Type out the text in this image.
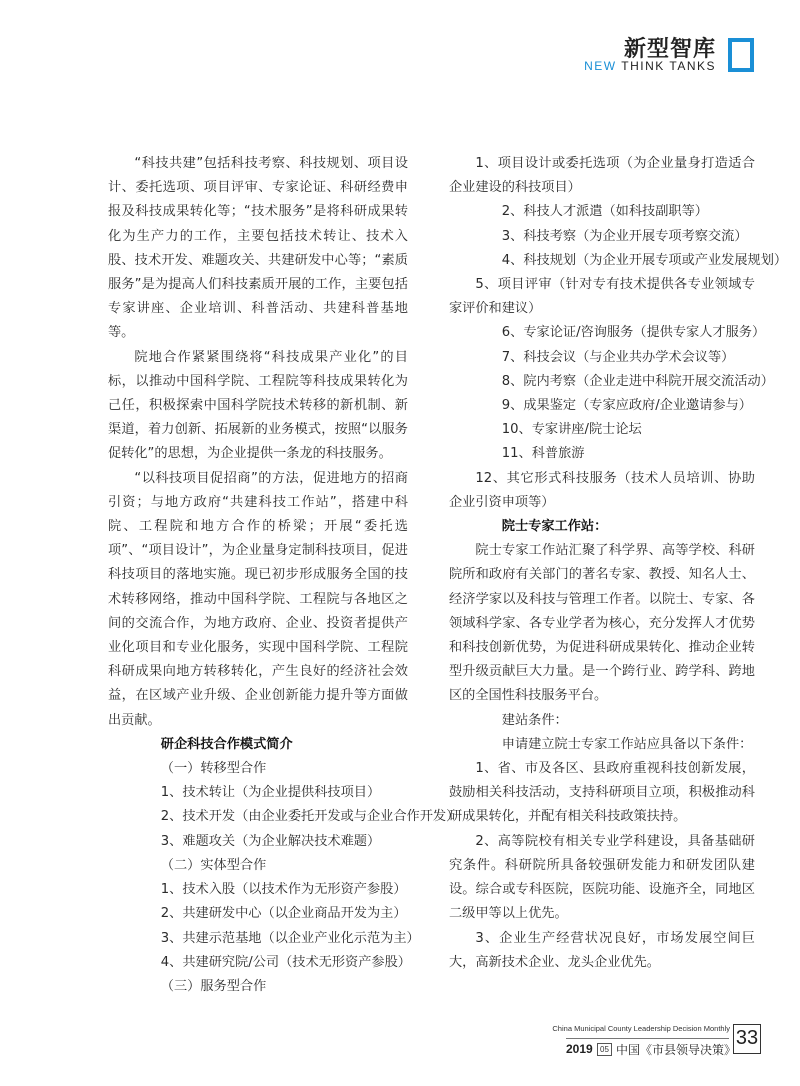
新型智库
NEW THINK TANKS

“科技共建”包括科技考察、科技规划、项目设计、委托选项、项目评审、专家论证、科研经费申报及科技成果转化等；“技术服务”是将科研成果转化为生产力的工作，主要包括技术转让、技术入股、技术开发、难题攻关、共建研发中心等；“素质服务”是为提高人们科技素质开展的工作，主要包括专家讲座、企业培训、科普活动、共建科普基地等。

院地合作紧紧围绕将“科技成果产业化”的目标，以推动中国科学院、工程院等科技成果转化为己任，积极探索中国科学院技术转移的新机制、新渠道，着力创新、拓展新的业务模式，按照“以服务促转化”的思想，为企业提供一条龙的科技服务。

“以科技项目促招商”的方法，促进地方的招商引资；与地方政府“共建科技工作站”，搭建中科院、工程院和地方合作的桥梁；开展“委托选项”、“项目设计”，为企业量身定制科技项目，促进科技项目的落地实施。现已初步形成服务全国的技术转移网络，推动中国科学院、工程院与各地区之间的交流合作，为地方政府、企业、投资者提供产业化项目和专业化服务，实现中国科学院、工程院科研成果向地方转移转化，产生良好的经济社会效益，在区域产业升级、企业创新能力提升等方面做出贡献。

研企科技合作模式简介

（一）转移型合作

1、技术转让（为企业提供科技项目）

2、技术开发（由企业委托开发或与企业合作开发）

3、难题攻关（为企业解决技术难题）

（二）实体型合作

1、技术入股（以技术作为无形资产参股）

2、共建研发中心（以企业商品开发为主）

3、共建示范基地（以企业产业化示范为主）

4、共建研究院/公司（技术无形资产参股）

（三）服务型合作

1、项目设计或委托选项（为企业量身打造适合企业建设的科技项目）

2、科技人才派遣（如科技副职等）

3、科技考察（为企业开展专项考察交流）

4、科技规划（为企业开展专项或产业发展规划）

5、项目评审（针对专有技术提供各专业领域专家评价和建议）

6、专家论证/咨询服务（提供专家人才服务）

7、科技会议（与企业共办学术会议等）

8、院内考察（企业走进中科院开展交流活动）

9、成果鉴定（专家应政府/企业邀请参与）

10、专家讲座/院士论坛

11、科普旅游

12、其它形式科技服务（技术人员培训、协助企业引资申项等）

院士专家工作站：

院士专家工作站汇聚了科学界、高等学校、科研院所和政府有关部门的著名专家、教授、知名人士、经济学家以及科技与管理工作者。以院士、专家、各领域科学家、各专业学者为核心，充分发挥人才优势和科技创新优势，为促进科研成果转化、推动企业转型升级贡献巨大力量。是一个跨行业、跨学科、跨地区的全国性科技服务平台。

建站条件：

申请建立院士专家工作站应具备以下条件：

1、省、市及各区、县政府重视科技创新发展，鼓励相关科技活动，支持科研项目立项，积极推动科研成果转化，并配有相关科技政策扶持。

2、高等院校有相关专业学科建设，具备基础研究条件。科研院所具备较强研发能力和研发团队建设。综合或专科医院，医院功能、设施齐全，同地区二级甲等以上优先。

3、企业生产经营状况良好，市场发展空间巨大，高新技术企业、龙头企业优先。

China Municipal County Leadership Decision Monthly
2019 05 中国《市县领导决策》
33
